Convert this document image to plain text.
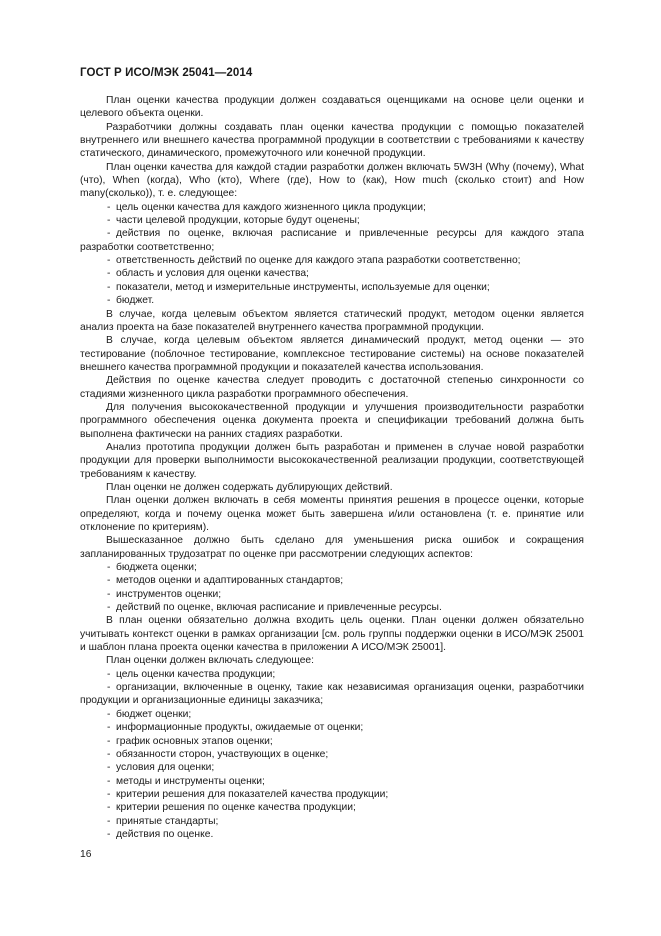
ГОСТ Р ИСО/МЭК 25041—2014

План оценки качества продукции должен создаваться оценщиками на основе цели оценки и целевого объекта оценки.

Разработчики должны создавать план оценки качества продукции с помощью показателей внутреннего или внешнего качества программной продукции в соответствии с требованиями к качеству статического, динамического, промежуточного или конечной продукции.

План оценки качества для каждой стадии разработки должен включать 5W3H (Why (почему), What (что), When (когда), Who (кто), Where (где), How to (как), How much (сколько стоит) and How many(сколько)), т. е. следующее:

- цель оценки качества для каждого жизненного цикла продукции;

- части целевой продукции, которые будут оценены;

- действия по оценке, включая расписание и привлеченные ресурсы для каждого этапа разработки соответственно;

- ответственность действий по оценке для каждого этапа разработки соответственно;

- область и условия для оценки качества;

- показатели, метод и измерительные инструменты, используемые для оценки;

- бюджет.

В случае, когда целевым объектом является статический продукт, методом оценки является анализ проекта на базе показателей внутреннего качества программной продукции.

В случае, когда целевым объектом является динамический продукт, метод оценки — это тестирование (поблочное тестирование, комплексное тестирование системы) на основе показателей внешнего качества программной продукции и показателей качества использования.

Действия по оценке качества следует проводить с достаточной степенью синхронности со стадиями жизненного цикла разработки программного обеспечения.

Для получения высококачественной продукции и улучшения производительности разработки программного обеспечения оценка документа проекта и спецификации требований должна быть выполнена фактически на ранних стадиях разработки.

Анализ прототипа продукции должен быть разработан и применен в случае новой разработки продукции для проверки выполнимости высококачественной реализации продукции, соответствующей требованиям к качеству.

План оценки не должен содержать дублирующих действий.

План оценки должен включать в себя моменты принятия решения в процессе оценки, которые определяют, когда и почему оценка может быть завершена и/или остановлена (т. е. принятие или отклонение по критериям).

Вышесказанное должно быть сделано для уменьшения риска ошибок и сокращения запланированных трудозатрат по оценке при рассмотрении следующих аспектов:

- бюджета оценки;

- методов оценки и адаптированных стандартов;

- инструментов оценки;

- действий по оценке, включая расписание и привлеченные ресурсы.

В план оценки обязательно должна входить цель оценки. План оценки должен обязательно учитывать контекст оценки в рамках организации [см. роль группы поддержки оценки в ИСО/МЭК 25001 и шаблон плана проекта оценки качества в приложении А ИСО/МЭК 25001].

План оценки должен включать следующее:

- цель оценки качества продукции;

- организации, включенные в оценку, такие как независимая организация оценки, разработчики продукции и организационные единицы заказчика;

- бюджет оценки;

- информационные продукты, ожидаемые от оценки;

- график основных этапов оценки;

- обязанности сторон, участвующих в оценке;

- условия для оценки;

- методы и инструменты оценки;

- критерии решения для показателей качества продукции;

- критерии решения по оценке качества продукции;

- принятые стандарты;

- действия по оценке.

16
